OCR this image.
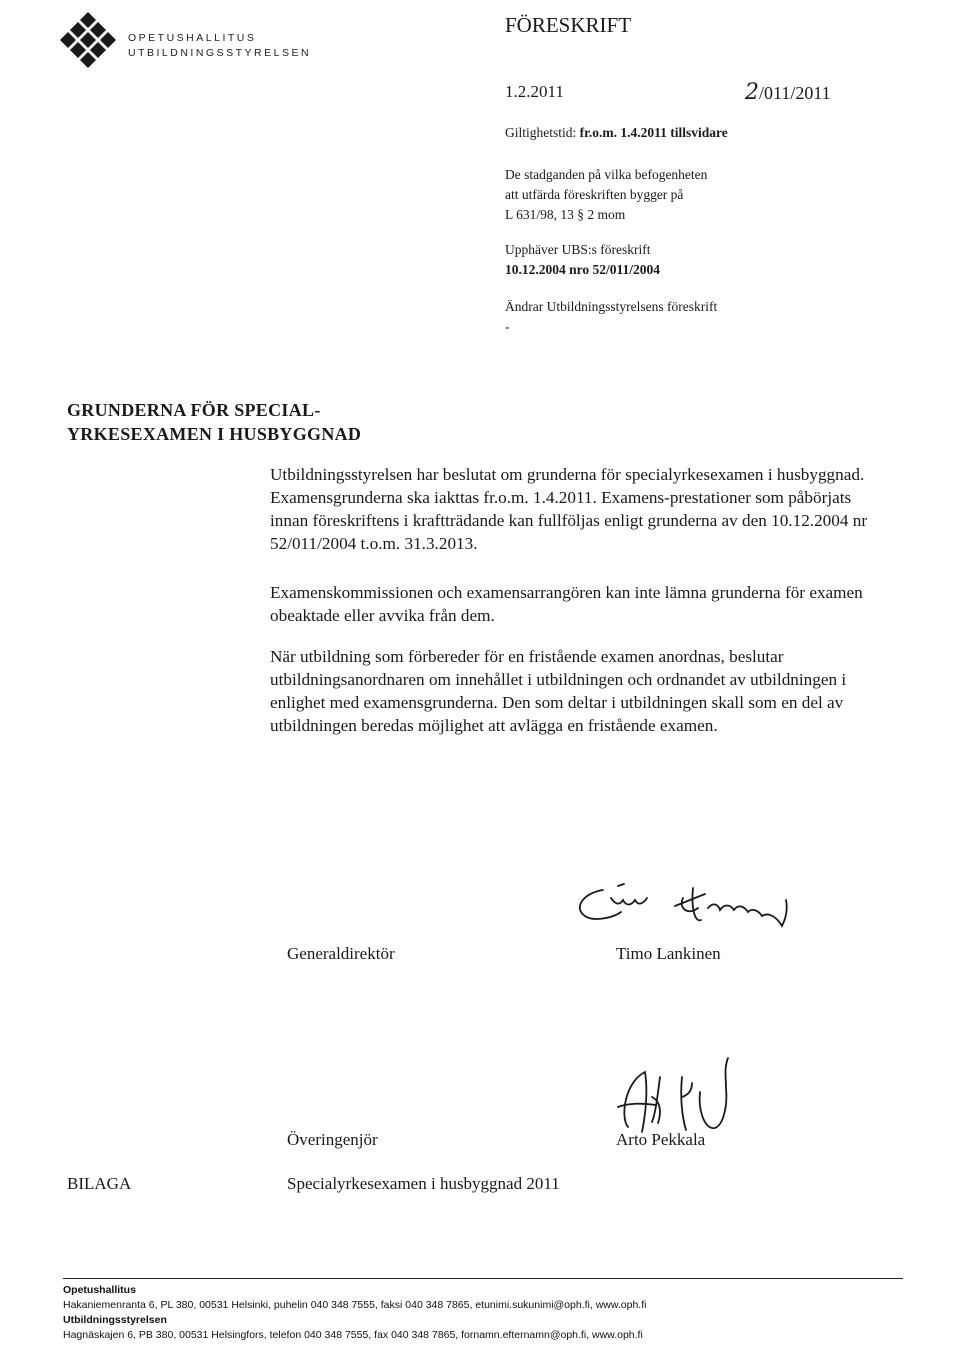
OPETUSHALLITUS
UTBILDNINGSSTYRELSEN
FÖRESKRIFT
1.2.2011	2/011/2011
Giltighetstid: fr.o.m. 1.4.2011 tillsvidare
De stadganden på vilka befogenheten
att utfärda föreskriften bygger på
L 631/98, 13 § 2 mom
Upphäver UBS:s föreskrift
10.12.2004 nro 52/011/2004
Ändrar Utbildningsstyrelsens föreskrift
-
GRUNDERNA FÖR SPECIAL-
YRKESEXAMEN I HUSBYGGNAD
Utbildningsstyrelsen har beslutat om grunderna för specialyrkesexamen i husbyggnad. Examensgrunderna ska iakttas fr.o.m. 1.4.2011. Examens-prestationer som påbörjats innan föreskriftens i kraftträdande kan fullföljas enligt grunderna av den 10.12.2004 nr 52/011/2004 t.o.m. 31.3.2013.
Examenskommissionen och examensarrangören kan inte lämna grunderna för examen obeaktade eller avvika från dem.
När utbildning som förbereder för en fristående examen anordnas, beslutar utbildningsanordnaren om innehållet i utbildningen och ordnandet av utbildningen i enlighet med examensgrunderna. Den som deltar i utbildningen skall som en del av utbildningen beredas möjlighet att avlägga en fristående examen.
Generaldirektör	Timo Lankinen
Överingenjör	Arto Pekkala
BILAGA	Specialyrkesexamen i husbyggnad 2011
Opetushallitus
Hakaniemenranta 6, PL 380, 00531 Helsinki, puhelin 040 348 7555, faksi 040 348 7865, etunimi.sukunimi@oph.fi, www.oph.fi
Utbildningsstyrelsen
Hagnäskajen 6, PB 380, 00531 Helsingfors, telefon 040 348 7555, fax 040 348 7865, fornamn.efternamn@oph.fi, www.oph.fi
